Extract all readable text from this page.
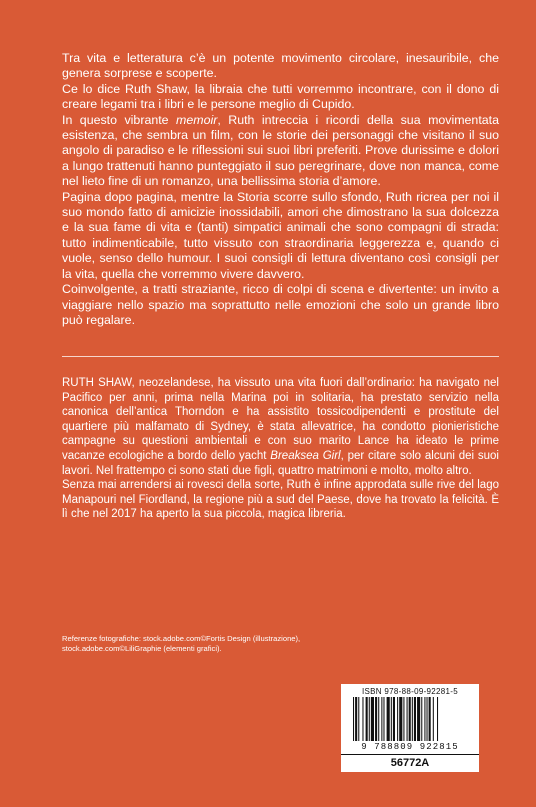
Tra vita e letteratura c’è un potente movimento circolare, inesauribile, che genera sorprese e scoperte.

Ce lo dice Ruth Shaw, la libraia che tutti vorremmo incontrare, con il dono di creare legami tra i libri e le persone meglio di Cupido.

In questo vibrante memoir, Ruth intreccia i ricordi della sua movimentata esistenza, che sembra un film, con le storie dei personaggi che visitano il suo angolo di paradiso e le riflessioni sui suoi libri preferiti. Prove durissime e dolori a lungo trattenuti hanno punteggiato il suo peregrinare, dove non manca, come nel lieto fine di un romanzo, una bellissima storia d’amore.

Pagina dopo pagina, mentre la Storia scorre sullo sfondo, Ruth ricrea per noi il suo mondo fatto di amicizie inossidabili, amori che dimostrano la sua dolcezza e la sua fame di vita e (tanti) simpatici animali che sono compagni di strada: tutto indimenticabile, tutto vissuto con straordinaria leggerezza e, quando ci vuole, senso dello humour. I suoi consigli di lettura diventano così consigli per la vita, quella che vorremmo vivere davvero.

Coinvolgente, a tratti straziante, ricco di colpi di scena e divertente: un invito a viaggiare nello spazio ma soprattutto nelle emozioni che solo un grande libro può regalare.

RUTH SHAW, neozelandese, ha vissuto una vita fuori dall’ordinario: ha navigato nel Pacifico per anni, prima nella Marina poi in solitaria, ha prestato servizio nella canonica dell’antica Thorndon e ha assistito tossicodipendenti e prostitute del quartiere più malfamato di Sydney, è stata allevatrice, ha condotto pionieristiche campagne su questioni ambientali e con suo marito Lance ha ideato le prime vacanze ecologiche a bordo dello yacht Breaksea Girl, per citare solo alcuni dei suoi lavori. Nel frattempo ci sono stati due figli, quattro matrimoni e molto, molto altro.

Senza mai arrendersi ai rovesci della sorte, Ruth è infine approdata sulle rive del lago Manapouri nel Fiordland, la regione più a sud del Paese, dove ha trovato la felicità. È lì che nel 2017 ha aperto la sua piccola, magica libreria.

Referenze fotografiche: stock.adobe.com©Fortis Design (illustrazione),

stock.adobe.com©LiliGraphie (elementi grafici).

ISBN 978-88-09-92281-5
9 788809 922815
56772A
